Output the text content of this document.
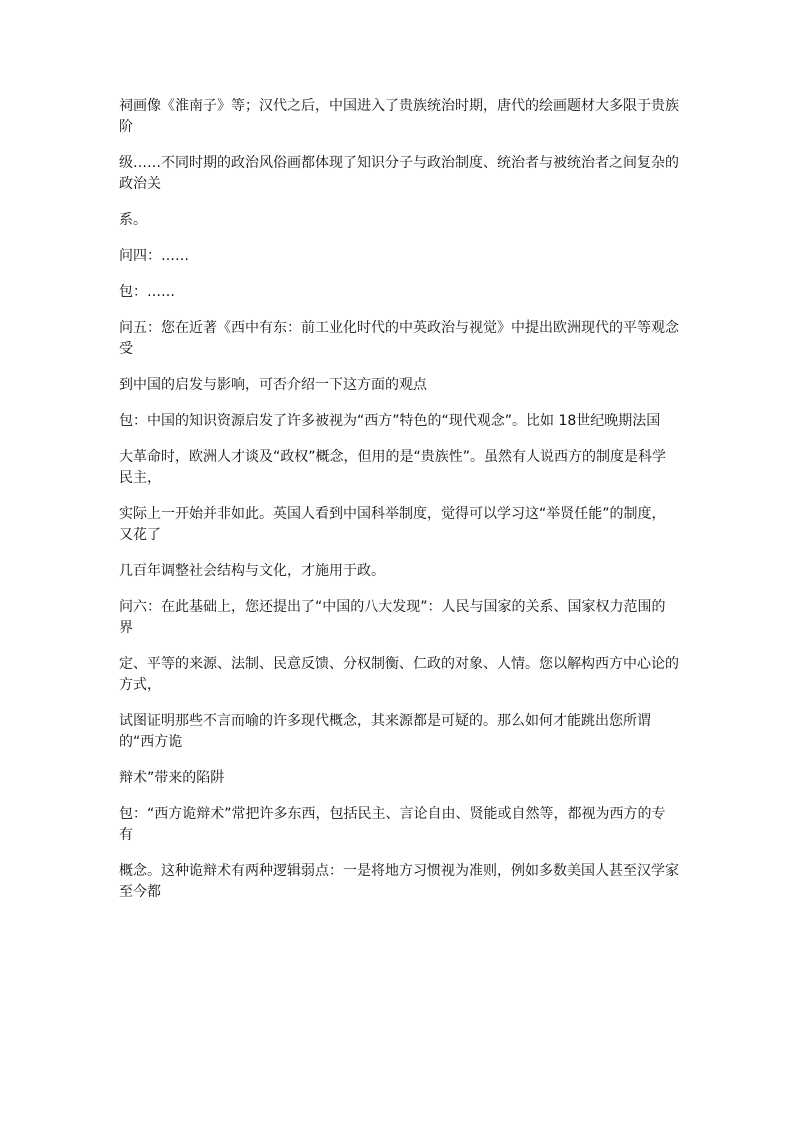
祠画像《淮南子》等；汉代之后，中国进入了贵族统治时期，唐代的绘画题材大多限于贵族阶

级……不同时期的政治风俗画都体现了知识分子与政治制度、统治者与被统治者之间复杂的政治关

系。

问四：……

包：……

问五：您在近著《西中有东：前工业化时代的中英政治与视觉》中提出欧洲现代的平等观念受

到中国的启发与影响，可否介绍一下这方面的观点

包：中国的知识资源启发了许多被视为“西方”特色的“现代观念”。比如 18世纪晚期法国

大革命时，欧洲人才谈及“政权”概念，但用的是“贵族性”。虽然有人说西方的制度是科学民主，

实际上一开始并非如此。英国人看到中国科举制度，觉得可以学习这“举贤任能”的制度，又花了

几百年调整社会结构与文化，才施用于政。

问六：在此基础上，您还提出了“中国的八大发现”：人民与国家的关系、国家权力范围的界

定、平等的来源、法制、民意反馈、分权制衡、仁政的对象、人情。您以解构西方中心论的方式，

试图证明那些不言而喻的许多现代概念，其来源都是可疑的。那么如何才能跳出您所谓的“西方诡

辩术”带来的陷阱

包：“西方诡辩术”常把许多东西，包括民主、言论自由、贤能或自然等，都视为西方的专有

概念。这种诡辩术有两种逻辑弱点：一是将地方习惯视为准则，例如多数美国人甚至汉学家至今都
